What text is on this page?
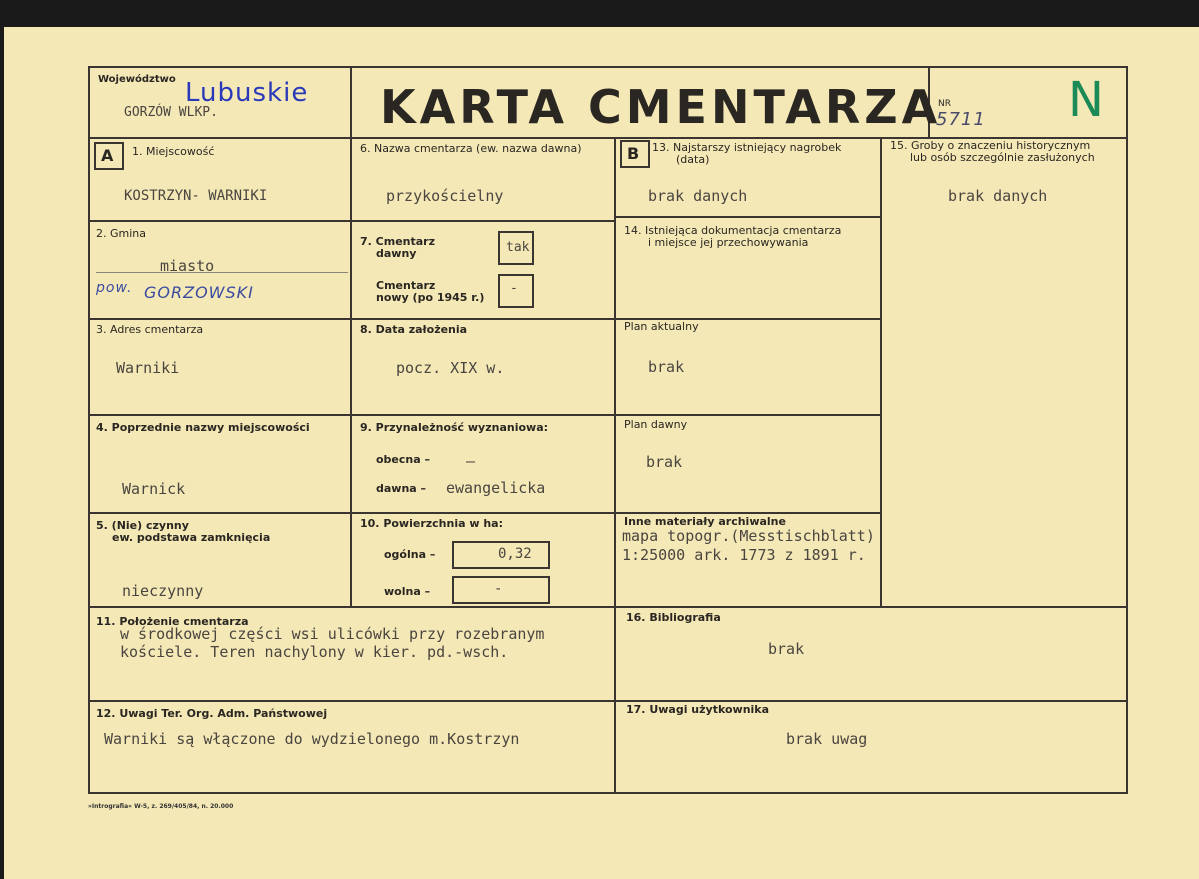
Województwo Lubuskie
GORZÓW WLKP.	KARTA CMENTARZA
NR
5711 N
A	B
1. Miejscowość
KOSTRZYN- WARNIKI
2. Gmina
miasto
pow. GORZOWSKI
3. Adres cmentarza
Warniki
4. Poprzednie nazwy miejscowości
Warnick
5. (Nie) czynny
ew. podstawa zamknięcia
nieczynny
6. Nazwa cmentarza (ew. nazwa dawna)
przykościelny
7. Cmentarz
dawny	tak
Cmentarz
nowy (po 1945 r.)
-
8. Data założenia
pocz. XIX w.
9. Przynależność wyznaniowa:
obecna – –
dawna – ewangelicka
10. Powierzchnia w ha:
ogólna –	0,32
wolna –	-
13. Najstarszy istniejący nagrobek
(data)
brak danych
14. Istniejąca dokumentacja cmentarza
i miejsce jej przechowywania
Plan aktualny
brak
Plan dawny
brak
Inne materiały archiwalne
mapa topogr.(Messtischblatt)
1:25000 ark. 1773 z 1891 r.
15. Groby o znaczeniu historycznym
lub osób szczególnie zasłużonych
brak danych
11. Położenie cmentarza
w środkowej części wsi ulicówki przy rozebranym
kościele. Teren nachylony w kier. pd.-wsch.
16. Bibliografia
brak
12. Uwagi Ter. Org. Adm. Państwowej
Warniki są włączone do wydzielonego m.Kostrzyn
17. Uwagi użytkownika
brak uwag
»Intrografia« W-5, z. 269/405/84, n. 20.000
